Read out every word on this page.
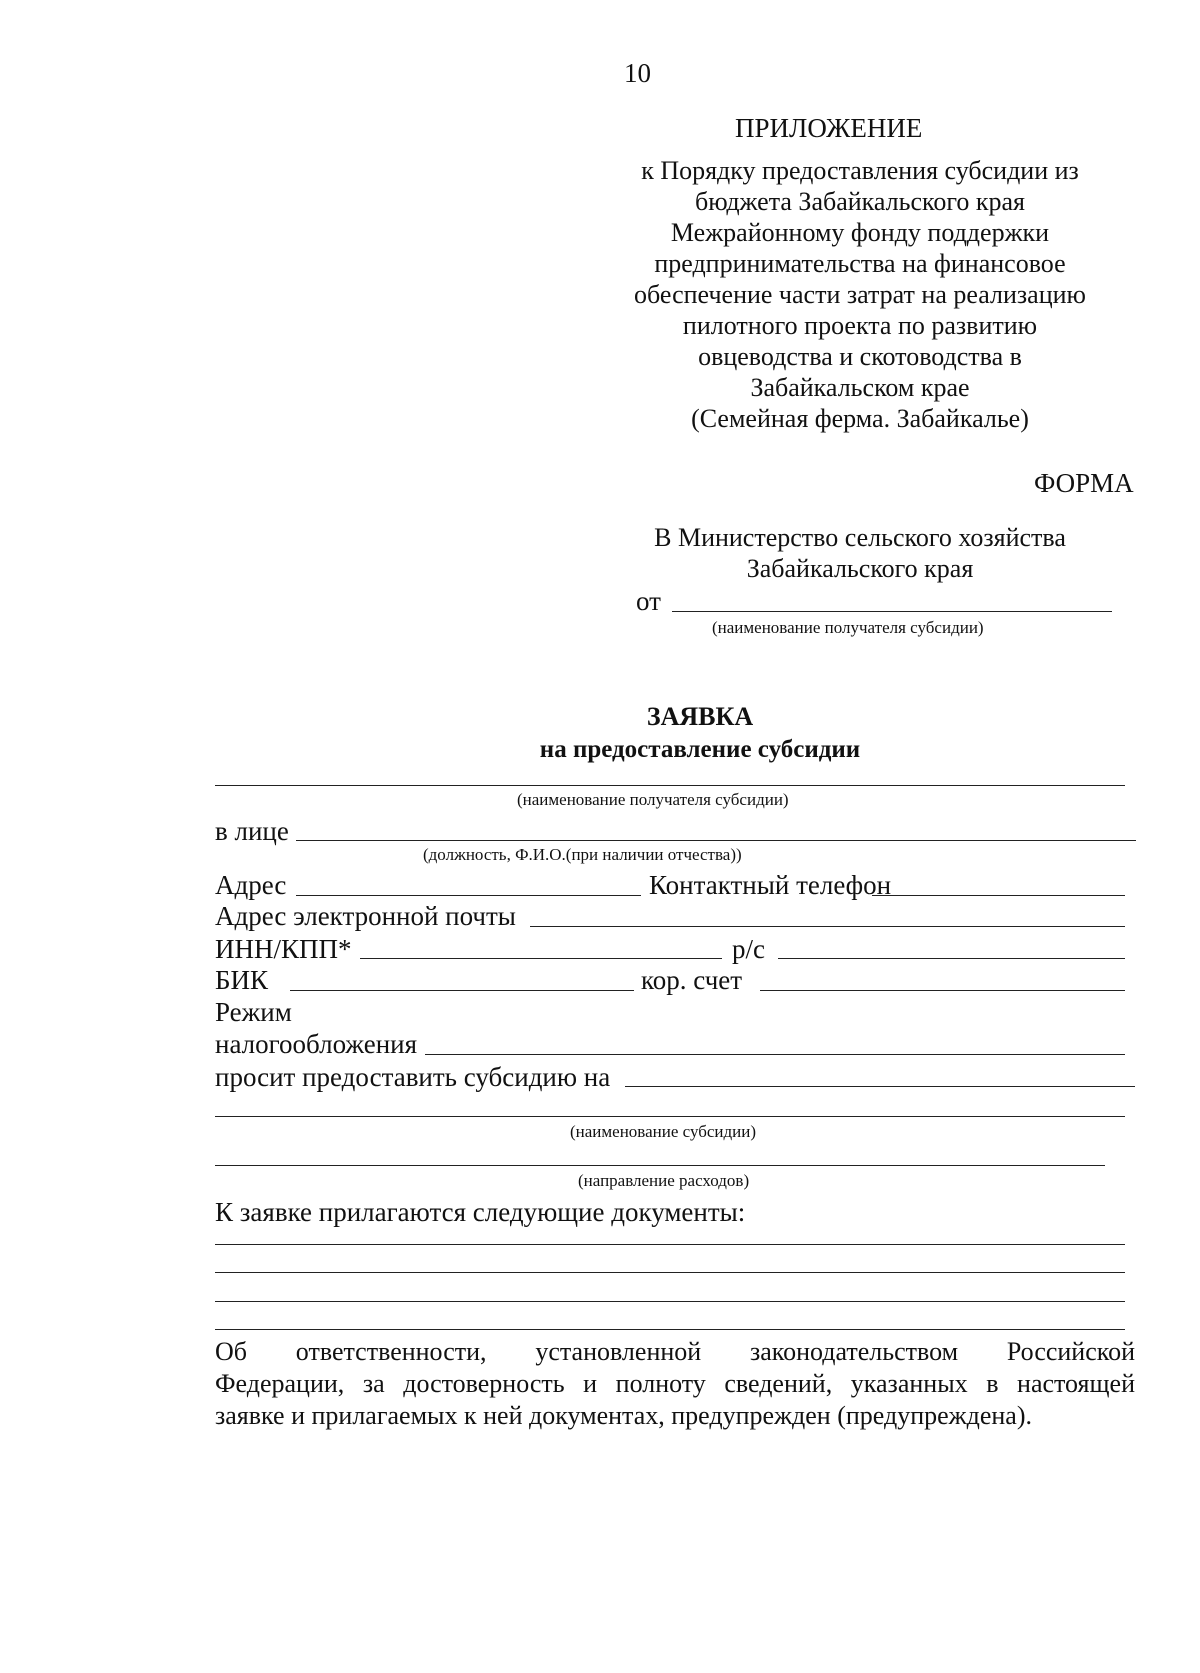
10
ПРИЛОЖЕНИЕ
к Порядку предоставления субсидии из
бюджета Забайкальского края
Межрайонному фонду поддержки
предпринимательства на финансовое
обеспечение части затрат на реализацию
пилотного проекта по развитию
овцеводства и скотоводства в
Забайкальском крае
(Семейная ферма. Забайкалье)
ФОРМА
В Министерство сельского хозяйства
Забайкальского края
от
(наименование получателя субсидии)
ЗАЯВКА
на предоставление субсидии
(наименование получателя субсидии)
в лице
(должность, Ф.И.О.(при наличии отчества))
Адрес	Контактный телефон
Адрес электронной почты
ИНН/КПП*	р/с
БИК	кор. счет
Режим
налогообложения
просит предоставить субсидию на
(наименование субсидии)
(направление расходов)
К заявке прилагаются следующие документы:
Об ответственности, установленной законодательством Российской
Федерации, за достоверность и полноту сведений, указанных в настоящей
заявке и прилагаемых к ней документах, предупрежден (предупреждена).
